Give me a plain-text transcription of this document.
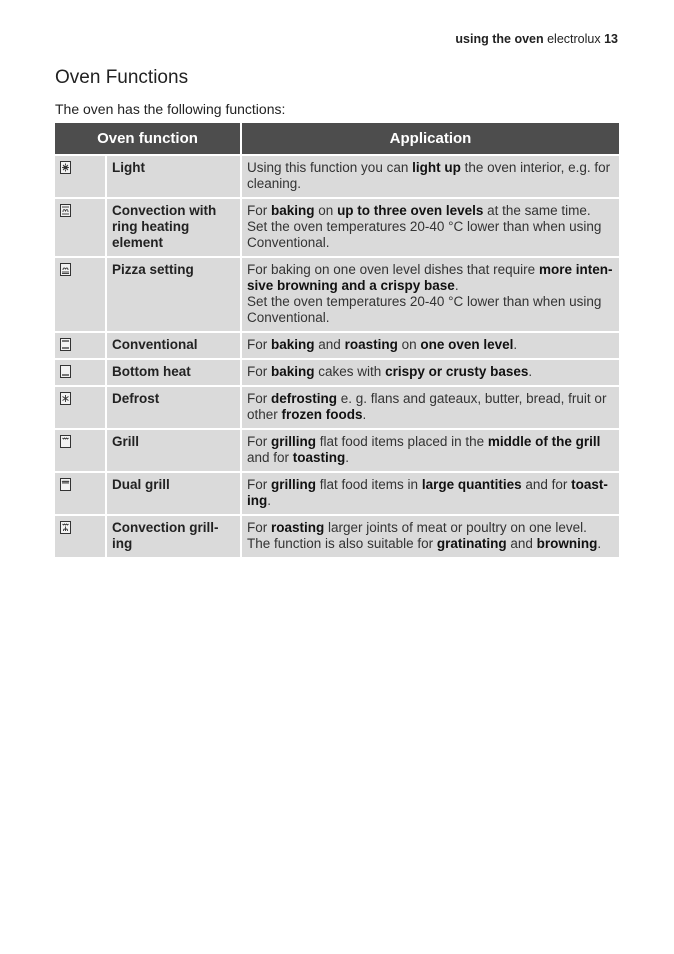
using the oven electrolux 13
Oven Functions

The oven has the following functions:

Oven function		Application

	Light	Using this function you can light up the oven interior, e.g. for cleaning.

	Convection with ring heating element	For baking on up to three oven levels at the same time.
Set the oven temperatures 20-40 °C lower than when using Conventional.

	Pizza setting	For baking on one oven level dishes that require more inten-
sive browning and a crispy base.
Set the oven temperatures 20-40 °C lower than when using Conventional.

	Conventional	For baking and roasting on one oven level.

	Bottom heat	For baking cakes with crispy or crusty bases.

	Defrost	For defrosting e. g. flans and gateaux, butter, bread, fruit or other frozen foods.

	Grill	For grilling flat food items placed in the middle of the grill and for toasting.

	Dual grill	For grilling flat food items in large quantities and for toast-
ing.

	Convection grill-
ing	For roasting larger joints of meat or poultry on one level.
The function is also suitable for gratinating and browning.
